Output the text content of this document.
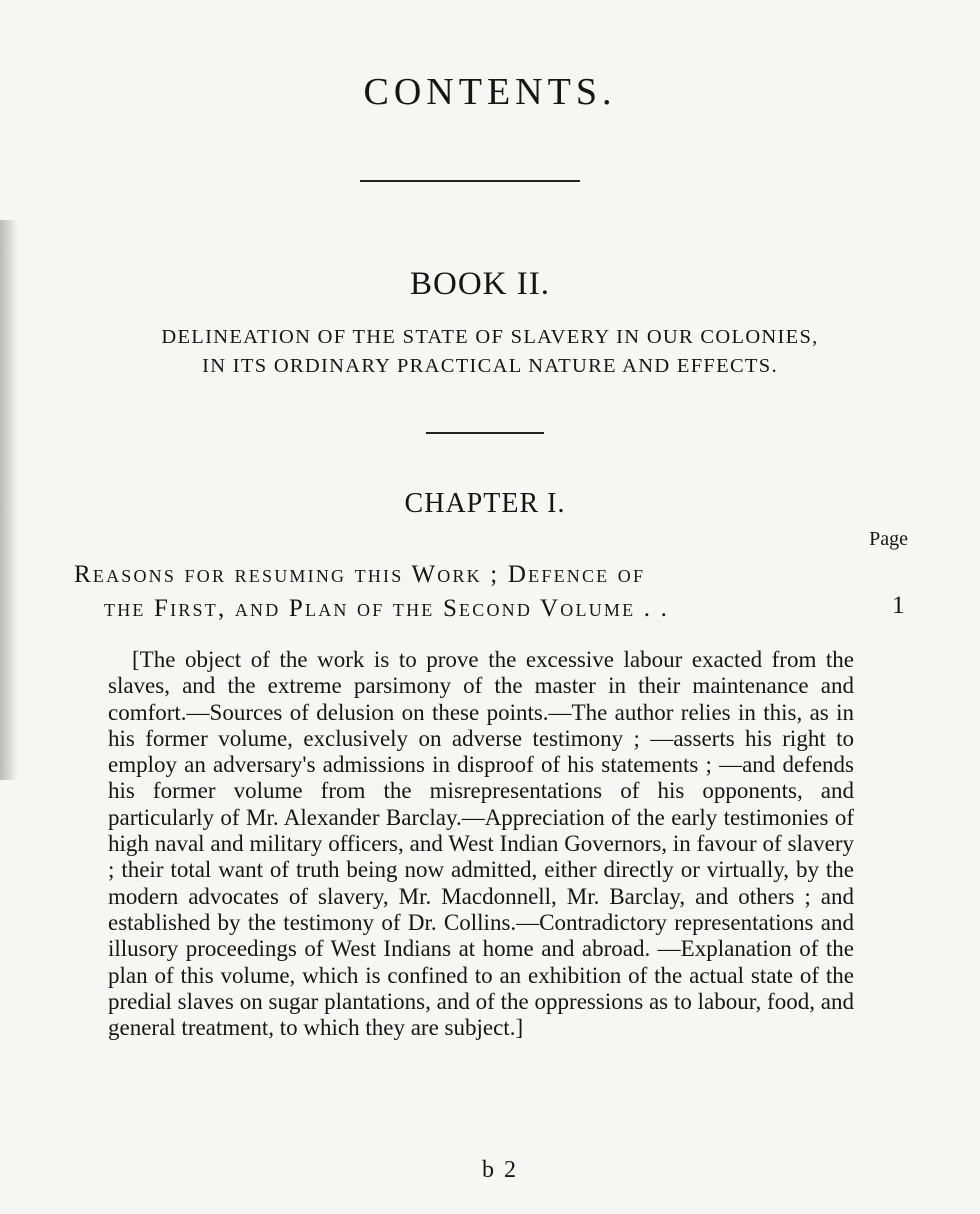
CONTENTS.
BOOK II.
DELINEATION OF THE STATE OF SLAVERY IN OUR COLONIES,
IN ITS ORDINARY PRACTICAL NATURE AND EFFECTS.
CHAPTER I.
Page
Reasons for resuming this Work ; Defence of
the First, and Plan of the Second Volume . .	1

[The object of the work is to prove the excessive labour exacted from the slaves, and the extreme parsimony of the master in their maintenance and comfort.—Sources of delusion on these points.—The author relies in this, as in his former volume, exclusively on adverse testimony ; —asserts his right to employ an adversary's admissions in disproof of his statements ; —and defends his former volume from the misrepresentations of his opponents, and particularly of Mr. Alexander Barclay.—Appreciation of the early testimonies of high naval and military officers, and West Indian Governors, in favour of slavery ; their total want of truth being now admitted, either directly or virtually, by the modern advocates of slavery, Mr. Macdonnell, Mr. Barclay, and others ; and established by the testimony of Dr. Collins.—Contradictory representations and illusory proceedings of West Indians at home and abroad. —Explanation of the plan of this volume, which is confined to an exhibition of the actual state of the predial slaves on sugar plantations, and of the oppressions as to labour, food, and general treatment, to which they are subject.]

b 2
